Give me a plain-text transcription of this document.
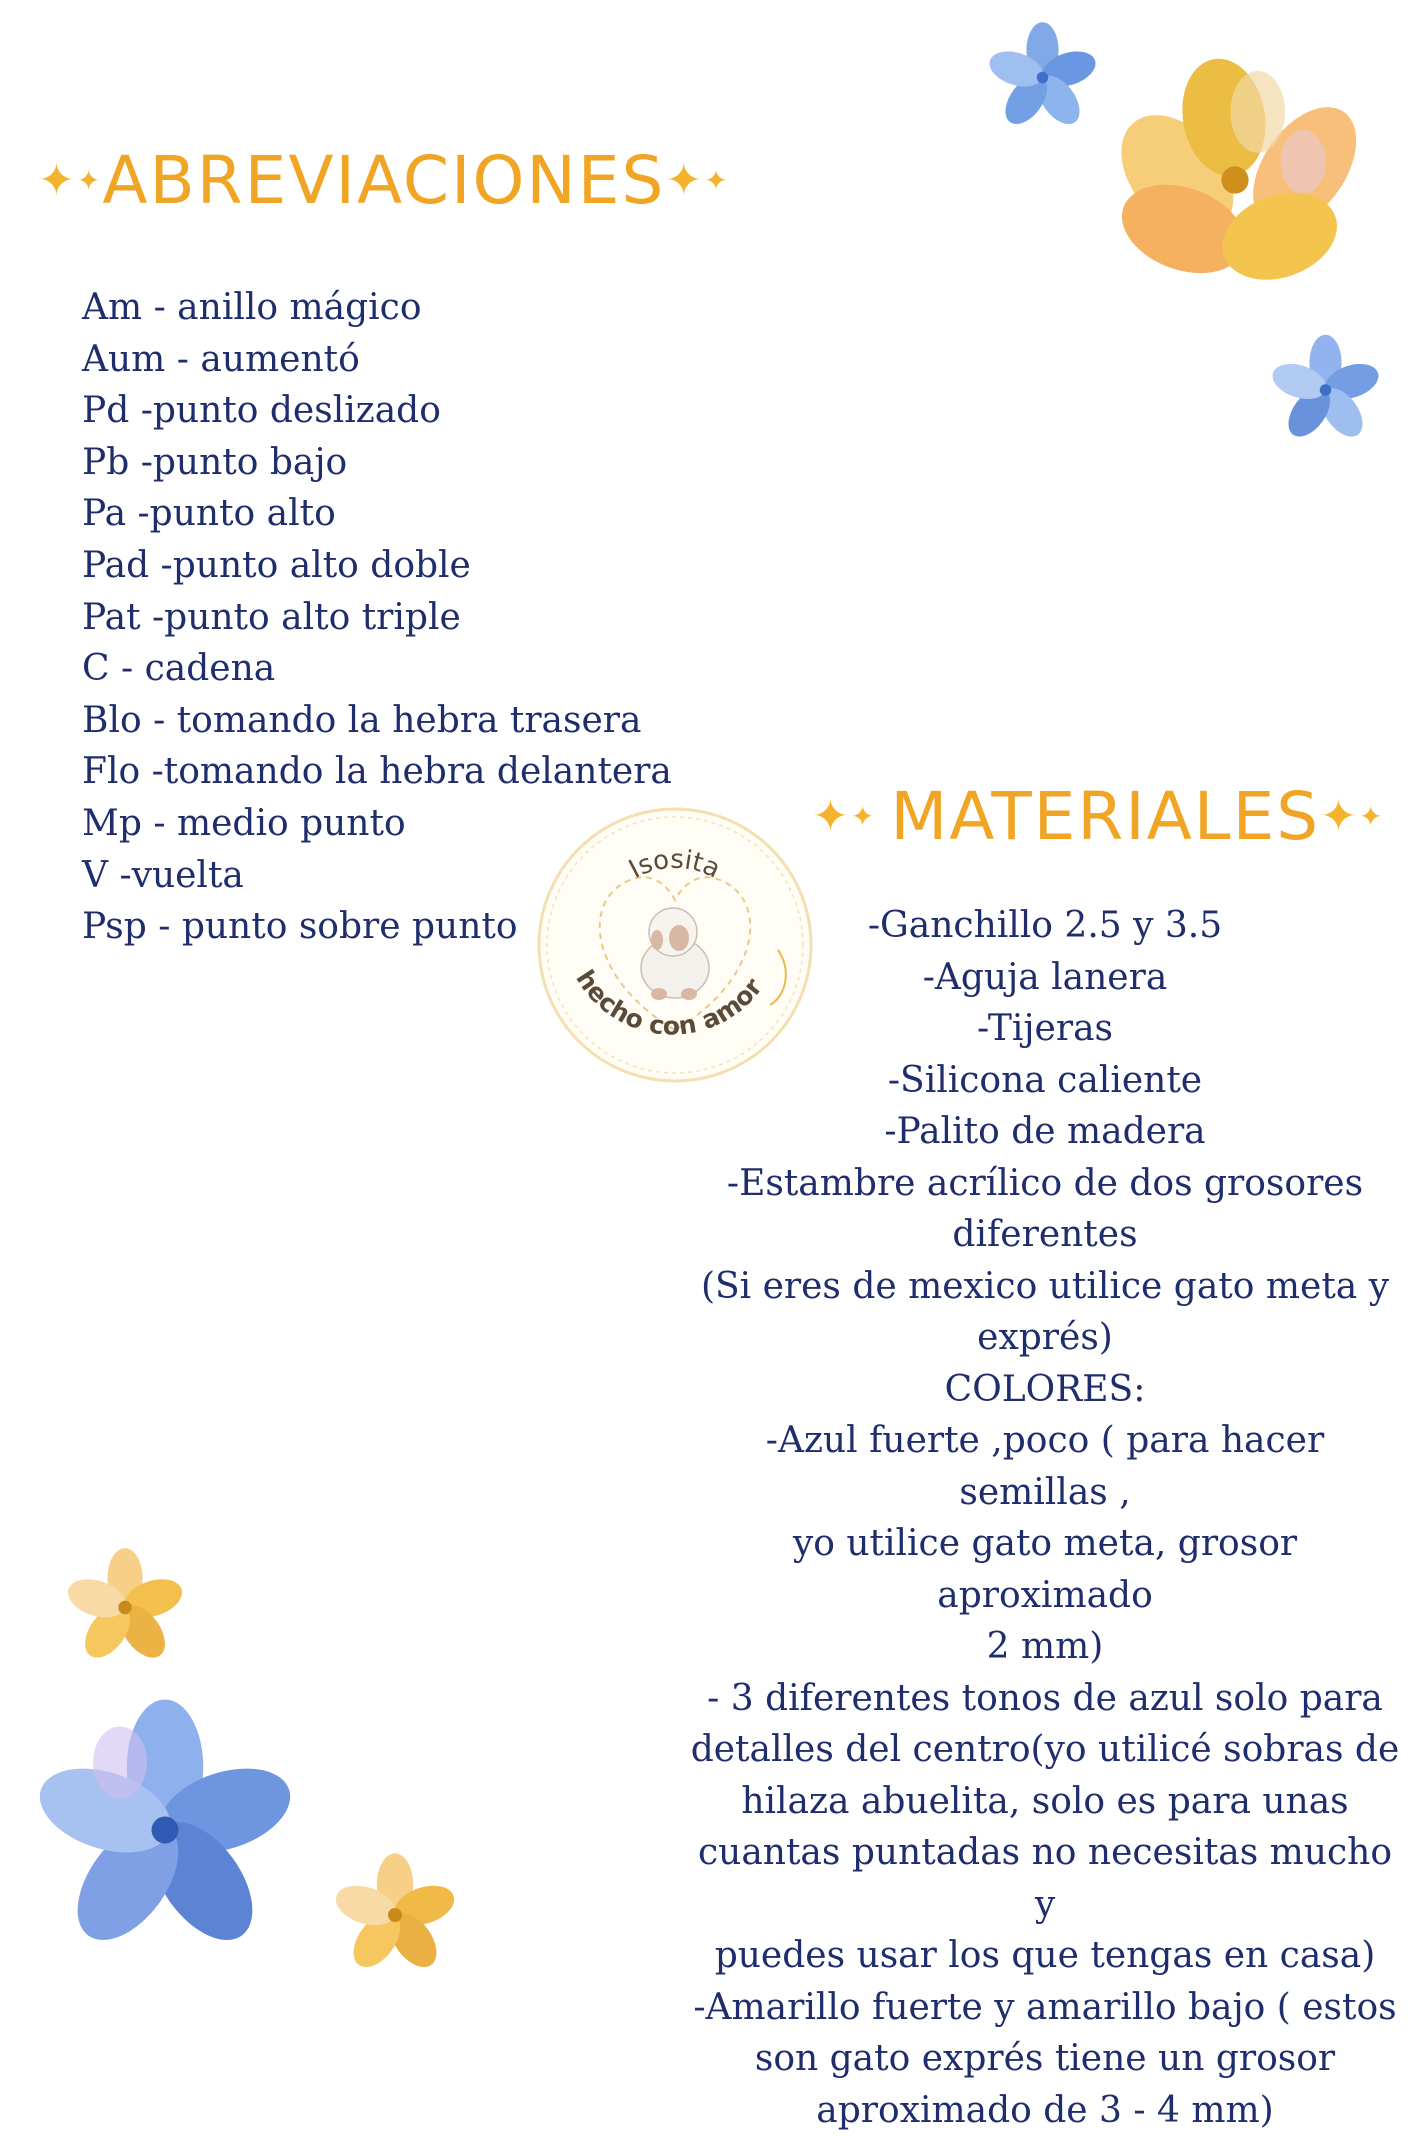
✦ ✦ ABREVIACIONES ✦ ✦
Am - anillo mágico
Aum - aumentó
Pd -punto deslizado
Pb -punto bajo
Pa -punto alto
Pad -punto alto doble
Pat -punto alto triple
C - cadena
Blo - tomando la hebra trasera
Flo -tomando la hebra delantera
Mp - medio punto
V -vuelta
Psp - punto sobre punto
Isosita
hecho con amor
✦ ✦ MATERIALES ✦ ✦
-Ganchillo 2.5 y 3.5
-Aguja lanera
-Tijeras
-Silicona caliente
-Palito de madera
-Estambre acrílico de dos grosores
diferentes
(Si eres de mexico utilice gato meta y
exprés)
COLORES:
-Azul fuerte ,poco ( para hacer semillas ,
yo utilice gato meta, grosor aproximado
2 mm)
- 3 diferentes tonos de azul solo para
detalles del centro(yo utilicé sobras de
hilaza abuelita, solo es para unas
cuantas puntadas no necesitas mucho y
puedes usar los que tengas en casa)
-Amarillo fuerte y amarillo bajo ( estos
son gato exprés tiene un grosor
aproximado de 3 - 4 mm)
